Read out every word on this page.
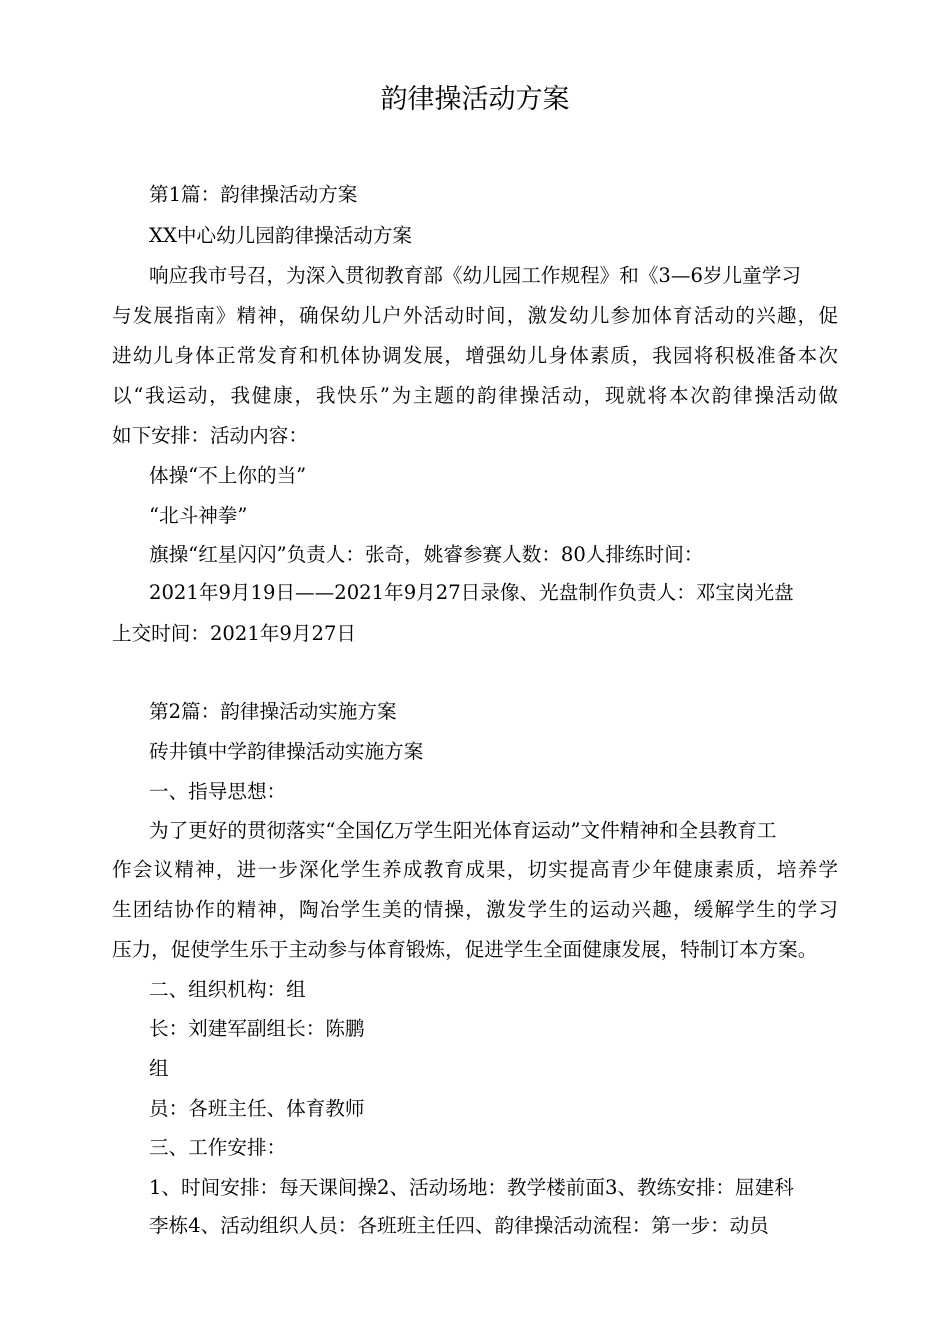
韵律操活动方案
第1篇：韵律操活动方案
XX中心幼儿园韵律操活动方案
响应我市号召，为深入贯彻教育部《幼儿园工作规程》和《3—6岁儿童学习
与发展指南》精神，确保幼儿户外活动时间，激发幼儿参加体育活动的兴趣，促
进幼儿身体正常发育和机体协调发展，增强幼儿身体素质，我园将积极准备本次
以“我运动，我健康，我快乐”为主题的韵律操活动，现就将本次韵律操活动做
如下安排：活动内容：
体操“不上你的当”
“北斗神拳”
旗操“红星闪闪”负责人：张奇，姚睿参赛人数：80人排练时间：
2021年9月19日——2021年9月27日录像、光盘制作负责人：邓宝岗光盘
上交时间：2021年9月27日
第2篇：韵律操活动实施方案
砖井镇中学韵律操活动实施方案
一、指导思想：
为了更好的贯彻落实“全国亿万学生阳光体育运动”文件精神和全县教育工
作会议精神，进一步深化学生养成教育成果，切实提高青少年健康素质，培养学
生团结协作的精神，陶冶学生美的情操，激发学生的运动兴趣，缓解学生的学习
压力，促使学生乐于主动参与体育锻炼，促进学生全面健康发展，特制订本方案。
二、组织机构：组
长：刘建军副组长：陈鹏
组
员：各班主任、体育教师
三、工作安排：
1、时间安排：每天课间操2、活动场地：教学楼前面3、教练安排：屈建科
李栋4、活动组织人员：各班班主任四、韵律操活动流程：第一步：动员
